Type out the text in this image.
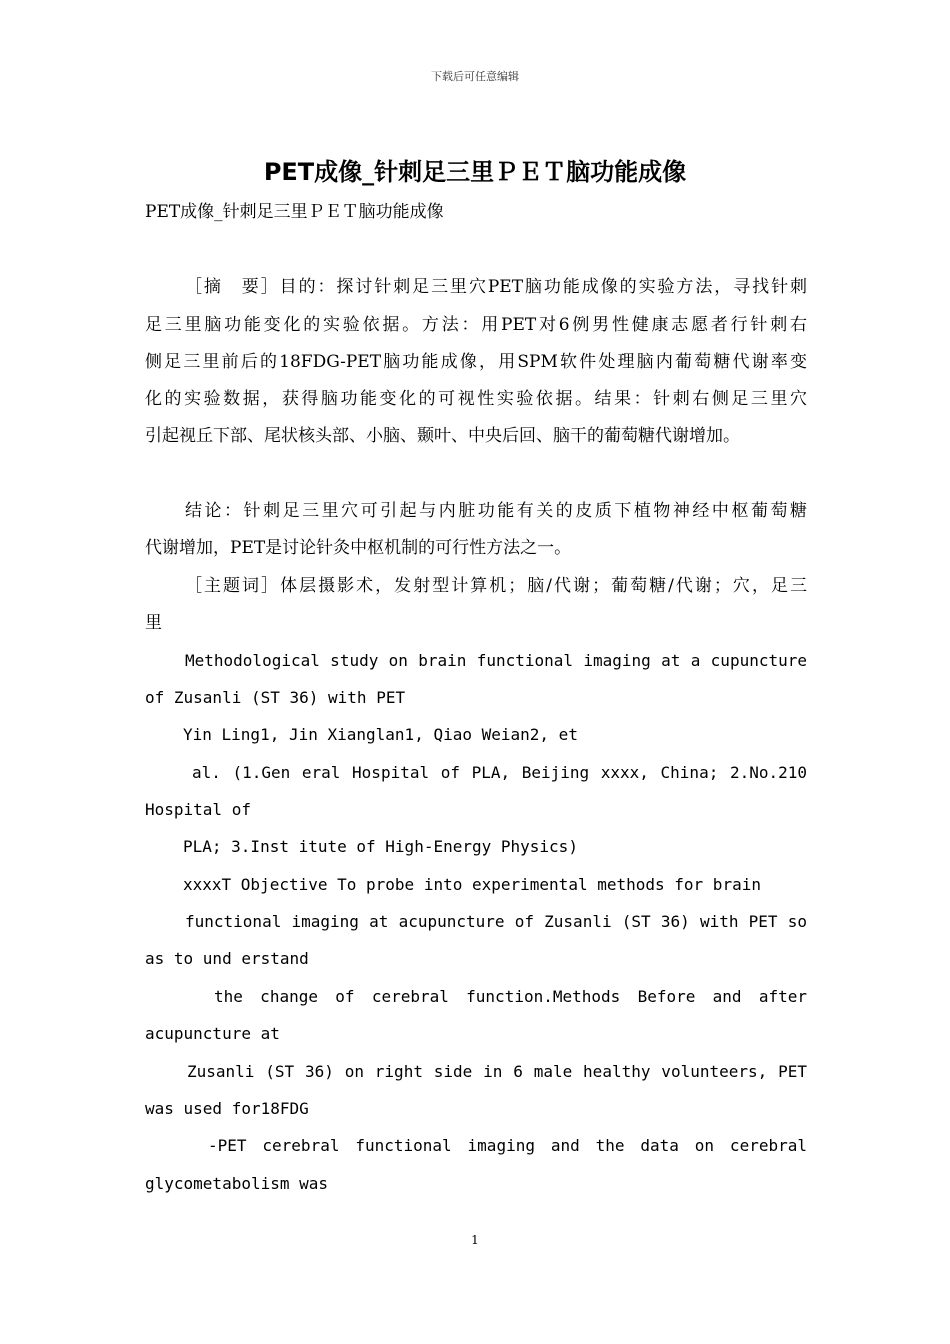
下载后可任意编辑
PET成像_针刺足三里ＰＥＴ脑功能成像
PET成像_针刺足三里ＰＥＴ脑功能成像
［摘　要］目的：探讨针刺足三里穴PET脑功能成像的实验方法，寻找针刺
足三里脑功能变化的实验依据。方法：用PET对6例男性健康志愿者行针刺右
侧足三里前后的18FDG-PET脑功能成像，用SPM软件处理脑内葡萄糖代谢率变
化的实验数据，获得脑功能变化的可视性实验依据。结果：针刺右侧足三里穴
引起视丘下部、尾状核头部、小脑、颞叶、中央后回、脑干的葡萄糖代谢增加。
结论：针刺足三里穴可引起与内脏功能有关的皮质下植物神经中枢葡萄糖
代谢增加，PET是讨论针灸中枢机制的可行性方法之一。
［主题词］体层摄影术，发射型计算机；脑/代谢；葡萄糖/代谢；穴，足三
里
Methodological study on brain functional imaging at a cupuncture
of Zusanli (ST 36) with PET
Yin Ling1, Jin Xianglan1, Qiao Weian2, et
al. (1.Gen eral Hospital of PLA, Beijing xxxx, China; 2.No.210
Hospital of
PLA; 3.Inst itute of High-Energy Physics)
xxxxT Objective To probe into experimental methods for brain
functional imaging at acupuncture of Zusanli (ST 36) with PET so
as to und erstand
the change of cerebral function.Methods Before and after
acupuncture at
Zusanli (ST 36) on right side in 6 male healthy volunteers, PET
was used for18FDG
-PET cerebral functional imaging and the data on cerebral
glycometabolism was
1
